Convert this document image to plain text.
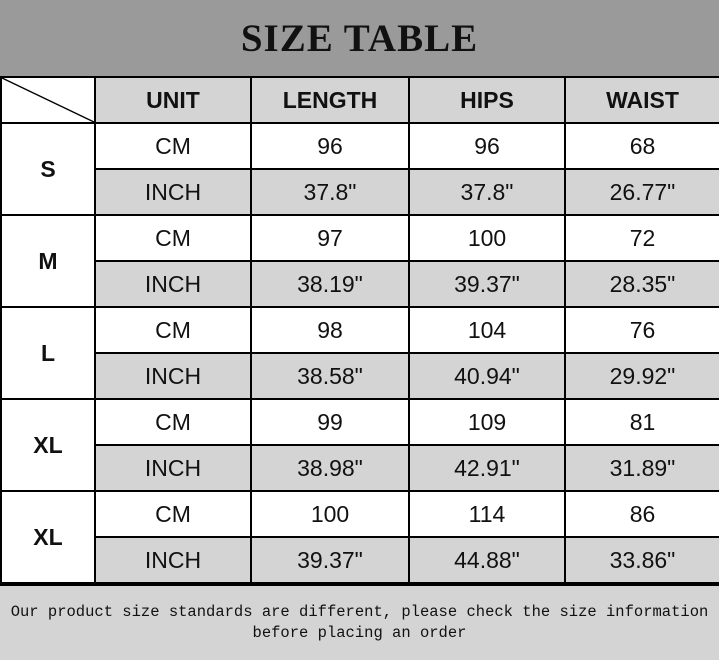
SIZE TABLE
	UNIT	LENGTH	HIPS	WAIST
S	CM	96	96	68
	INCH	37.8"	37.8"	26.77"
M	CM	97	100	72
	INCH	38.19"	39.37"	28.35"
L	CM	98	104	76
	INCH	38.58"	40.94"	29.92"
XL	CM	99	109	81
	INCH	38.98"	42.91"	31.89"
XL	CM	100	114	86
	INCH	39.37"	44.88"	33.86"
Our product size standards are different, please check the size information
before placing an order
